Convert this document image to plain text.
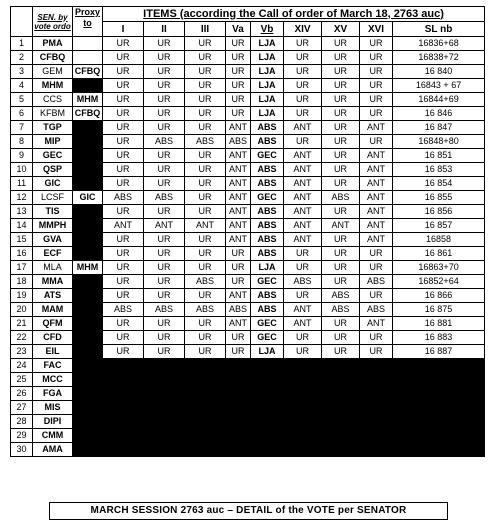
	SEN. by vote ordo	Proxy to	ITEMS (according the Call of order of March 18, 2763 auc)								
			I	II	III	Va	Vb	XIV	XV	XVI	SL nb
1	PMA		UR	UR	UR	UR	LJA	UR	UR	UR	16836+68
2	CFBQ		UR	UR	UR	UR	LJA	UR	UR	UR	16838+72
3	GEM	CFBQ	UR	UR	UR	UR	LJA	UR	UR	UR	16 840
4	MHM		UR	UR	UR	UR	LJA	UR	UR	UR	16843 + 67
5	CCS	MHM	UR	UR	UR	UR	LJA	UR	UR	UR	16844+69
6	KFBM	CFBQ	UR	UR	UR	UR	LJA	UR	UR	UR	16 846
7	TGP		UR	UR	UR	ANT	ABS	ANT	UR	ANT	16 847
8	MIP		UR	ABS	ABS	ABS	ABS	UR	UR	UR	16848+80
9	GEC		UR	UR	UR	ANT	GEC	ANT	UR	ANT	16 851
10	QSP		UR	UR	UR	ANT	ABS	ANT	UR	ANT	16 853
11	GIC		UR	UR	UR	ANT	ABS	ANT	UR	ANT	16 854
12	LCSF	GIC	ABS	ABS	UR	ANT	GEC	ANT	ABS	ANT	16 855
13	TIS		UR	UR	UR	ANT	ABS	ANT	UR	ANT	16 856
14	MMPH		ANT	ANT	ANT	ANT	ABS	ANT	ANT	ANT	16 857
15	GVA		UR	UR	UR	ANT	ABS	ANT	UR	ANT	16858
16	ECF		UR	UR	UR	UR	ABS	UR	UR	UR	16 861
17	MLA	MHM	UR	UR	UR	UR	LJA	UR	UR	UR	16863+70
18	MMA		UR	UR	ABS	UR	GEC	ABS	UR	ABS	16852+64
19	ATS		UR	UR	UR	ANT	ABS	UR	ABS	UR	16 866
20	MAM		ABS	ABS	ABS	ABS	ABS	ANT	ABS	ABS	16 875
21	QFM		UR	UR	UR	ANT	GEC	ANT	UR	ANT	16 881
22	CFD		UR	UR	UR	UR	GEC	UR	UR	UR	16 883
23	EIL		UR	UR	UR	UR	LJA	UR	UR	UR	16 887
24	FAC										
25	MCC										
26	FGA										
27	MIS										
28	DIPI										
29	CMM										
30	AMA										
MARCH SESSION 2763 auc – DETAIL of the VOTE per SENATOR
